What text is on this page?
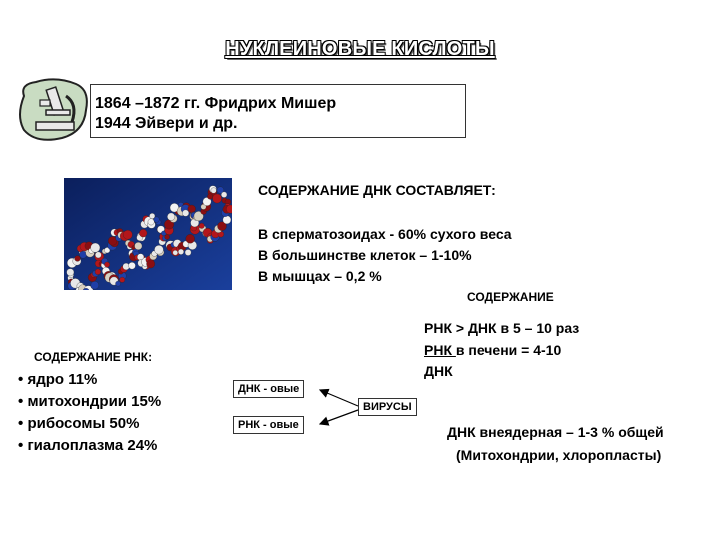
НУКЛЕИНОВЫЕ КИСЛОТЫ
1864 –1872 гг. Фридрих Мишер
1944 Эйвери и др.
СОДЕРЖАНИЕ ДНК СОСТАВЛЯЕТ:
В сперматозоидах - 60% сухого веса
В большинстве клеток – 1-10%
В мышцах – 0,2 %
СОДЕРЖАНИЕ
РНК > ДНК в 5 – 10 раз
РНК в печени = 4-10
ДНК
СОДЕРЖАНИЕ РНК:
• ядро 11%
• митохондрии 15%
• рибосомы 50%
• гиалоплазма 24%
ДНК - овые
РНК - овые
ВИРУСЫ
ДНК внеядерная – 1-3 % общей
(Митохондрии, хлоропласты)
